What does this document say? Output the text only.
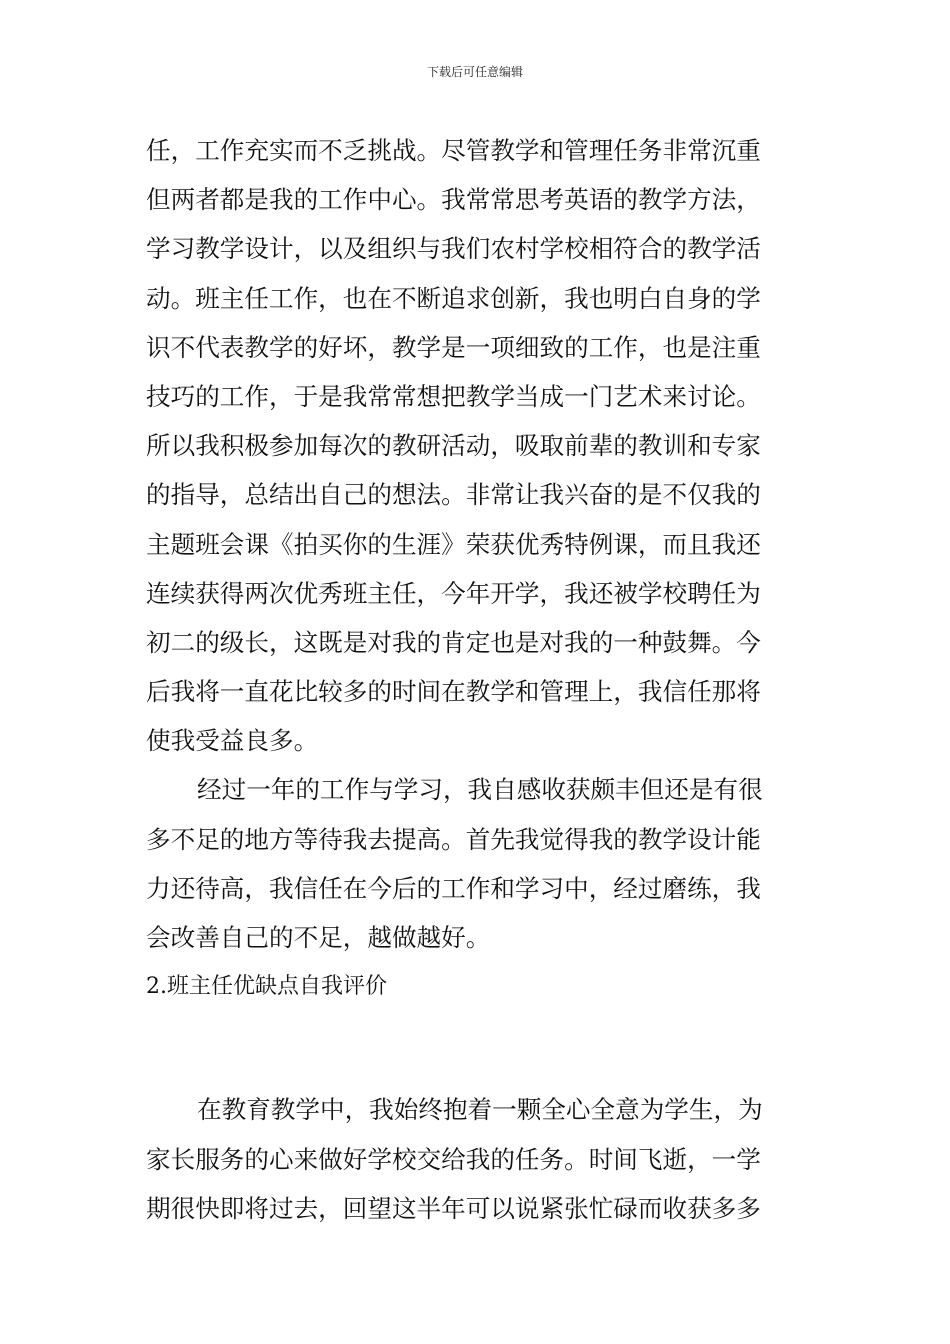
下载后可任意编辑
任，工作充实而不乏挑战。尽管教学和管理任务非常沉重
但两者都是我的工作中心。我常常思考英语的教学方法，
学习教学设计，以及组织与我们农村学校相符合的教学活
动。班主任工作，也在不断追求创新，我也明白自身的学
识不代表教学的好坏，教学是一项细致的工作，也是注重
技巧的工作，于是我常常想把教学当成一门艺术来讨论。
所以我积极参加每次的教研活动，吸取前辈的教训和专家
的指导，总结出自己的想法。非常让我兴奋的是不仅我的
主题班会课《拍买你的生涯》荣获优秀特例课，而且我还
连续获得两次优秀班主任，今年开学，我还被学校聘任为
初二的级长，这既是对我的肯定也是对我的一种鼓舞。今
后我将一直花比较多的时间在教学和管理上，我信任那将
使我受益良多。
经过一年的工作与学习，我自感收获颇丰但还是有很
多不足的地方等待我去提高。首先我觉得我的教学设计能
力还待高，我信任在今后的工作和学习中，经过磨练，我
会改善自己的不足，越做越好。
2.班主任优缺点自我评价
在教育教学中，我始终抱着一颗全心全意为学生，为
家长服务的心来做好学校交给我的任务。时间飞逝，一学
期很快即将过去，回望这半年可以说紧张忙碌而收获多多
